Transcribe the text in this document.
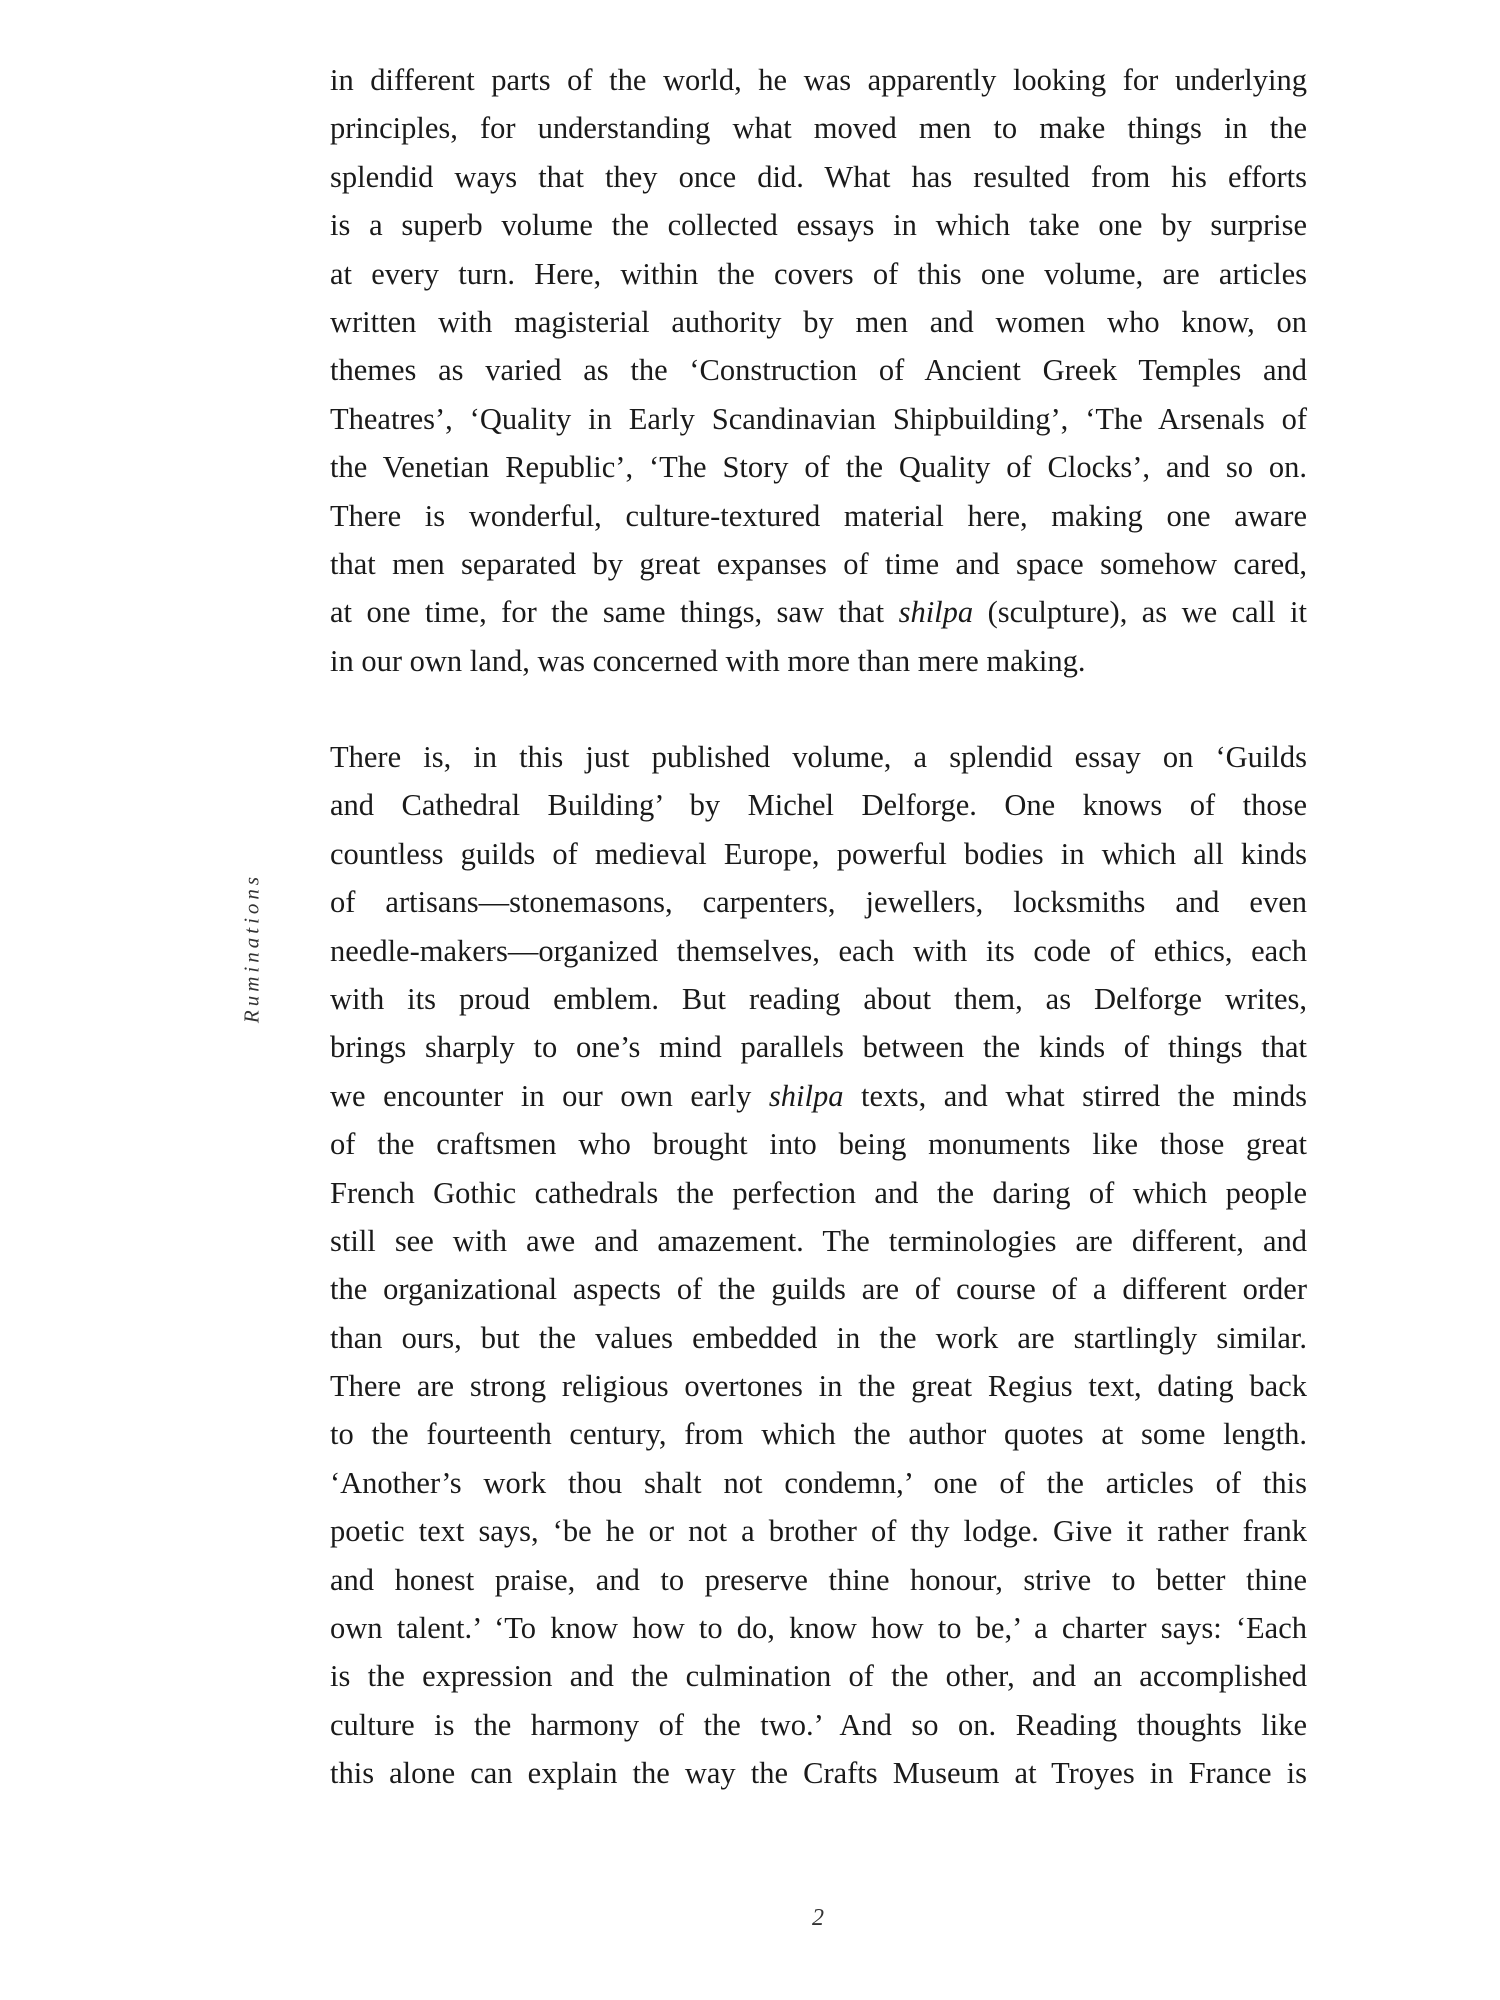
Ruminations
in different parts of the world, he was apparently looking for underlying
principles, for understanding what moved men to make things in the
splendid ways that they once did. What has resulted from his efforts
is a superb volume the collected essays in which take one by surprise
at every turn. Here, within the covers of this one volume, are articles
written with magisterial authority by men and women who know, on
themes as varied as the ‘Construction of Ancient Greek Temples and
Theatres’, ‘Quality in Early Scandinavian Shipbuilding’, ‘The Arsenals of
the Venetian Republic’, ‘The Story of the Quality of Clocks’, and so on.
There is wonderful, culture-textured material here, making one aware
that men separated by great expanses of time and space somehow cared,
at one time, for the same things, saw that shilpa (sculpture), as we call it
in our own land, was concerned with more than mere making.
There is, in this just published volume, a splendid essay on ‘Guilds
and Cathedral Building’ by Michel Delforge. One knows of those
countless guilds of medieval Europe, powerful bodies in which all kinds
of artisans—stonemasons, carpenters, jewellers, locksmiths and even
needle-makers—organized themselves, each with its code of ethics, each
with its proud emblem. But reading about them, as Delforge writes,
brings sharply to one’s mind parallels between the kinds of things that
we encounter in our own early shilpa texts, and what stirred the minds
of the craftsmen who brought into being monuments like those great
French Gothic cathedrals the perfection and the daring of which people
still see with awe and amazement. The terminologies are different, and
the organizational aspects of the guilds are of course of a different order
than ours, but the values embedded in the work are startlingly similar.
There are strong religious overtones in the great Regius text, dating back
to the fourteenth century, from which the author quotes at some length.
‘Another’s work thou shalt not condemn,’ one of the articles of this
poetic text says, ‘be he or not a brother of thy lodge. Give it rather frank
and honest praise, and to preserve thine honour, strive to better thine
own talent.’ ‘To know how to do, know how to be,’ a charter says: ‘Each
is the expression and the culmination of the other, and an accomplished
culture is the harmony of the two.’ And so on. Reading thoughts like
this alone can explain the way the Crafts Museum at Troyes in France is
2
